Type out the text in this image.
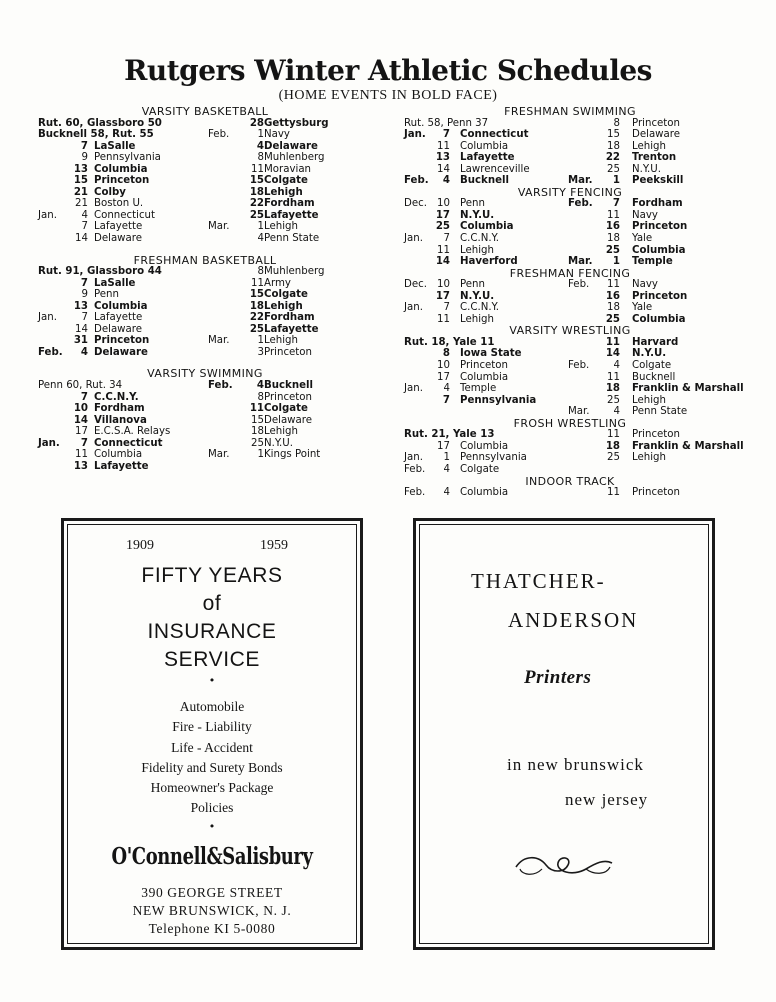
Rutgers Winter Athletic Schedules
(HOME EVENTS IN BOLD FACE)
VARSITY BASKETBALL
Rut. 60, Glassboro 50	28 Gettysburg
Bucknell 58, Rut. 55	Feb.	1 Navy
7 LaSalle	4 Delaware
9 Pennsylvania	8 Muhlenberg
13 Columbia	11 Moravian
15 Princeton	15 Colgate
21 Colby	18 Lehigh
21 Boston U.	22 Fordham
Jan.	4 Connecticut	25 Lafayette
7 Lafayette	Mar.	1 Lehigh
14 Delaware	4 Penn State
FRESHMAN BASKETBALL
Rut. 91, Glassboro 44	8 Muhlenberg
7 LaSalle	11 Army
9 Penn	15 Colgate
13 Columbia	18 Lehigh
Jan.	7 Lafayette	22 Fordham
14 Delaware	25 Lafayette
31 Princeton	Mar.	1 Lehigh
Feb.	4 Delaware	3 Princeton
VARSITY SWIMMING
Penn 60, Rut. 34	Feb.	4 Bucknell
7 C.C.N.Y.	8 Princeton
10 Fordham	11 Colgate
14 Villanova	15 Delaware
17 E.C.S.A. Relays	18 Lehigh
Jan.	7 Connecticut	25 N.Y.U.
11 Columbia	Mar.	1 Kings Point
13 Lafayette
FRESHMAN SWIMMING
Rut. 58, Penn 37	8 Princeton
Jan.	7 Connecticut	15 Delaware
11 Columbia	18 Lehigh
13 Lafayette	22 Trenton
14 Lawrenceville	25 N.Y.U.
Feb.	4 Bucknell	Mar.	1 Peekskill
VARSITY FENCING
Dec. 10 Penn	Feb.	7 Fordham
17 N.Y.U.	11 Navy
25 Columbia	16 Princeton
Jan.	7 C.C.N.Y.	18 Yale
11 Lehigh	25 Columbia
14 Haverford	Mar.	1 Temple
FRESHMAN FENCING
Dec. 10 Penn	Feb.	11 Navy
17 N.Y.U.	16 Princeton
Jan.	7 C.C.N.Y.	18 Yale
11 Lehigh	25 Columbia
VARSITY WRESTLING
Rut. 18, Yale 11	11 Harvard
8 Iowa State	14 N.Y.U.
10 Princeton	Feb.	4 Colgate
17 Columbia	11 Bucknell
Jan.	4 Temple	18 Franklin & Marshall
7 Pennsylvania	25 Lehigh
Mar.	4 Penn State
FROSH WRESTLING
Rut. 21, Yale 13	11 Princeton
17 Columbia	18 Franklin & Marshall
Jan.	1 Pennsylvania	25 Lehigh
Feb.	4 Colgate
INDOOR TRACK
Feb.	4 Columbia	11 Princeton
1909	1959
FIFTY YEARS
of
INSURANCE
SERVICE
•
Automobile
Fire - Liability
Life - Accident
Fidelity and Surety Bonds
Homeowner's Package
Policies
•
O'Connell&Salisbury
390 GEORGE STREET
NEW BRUNSWICK, N. J.
Telephone KI 5-0080
THATCHER-
ANDERSON
Printers
in new brunswick
new jersey
